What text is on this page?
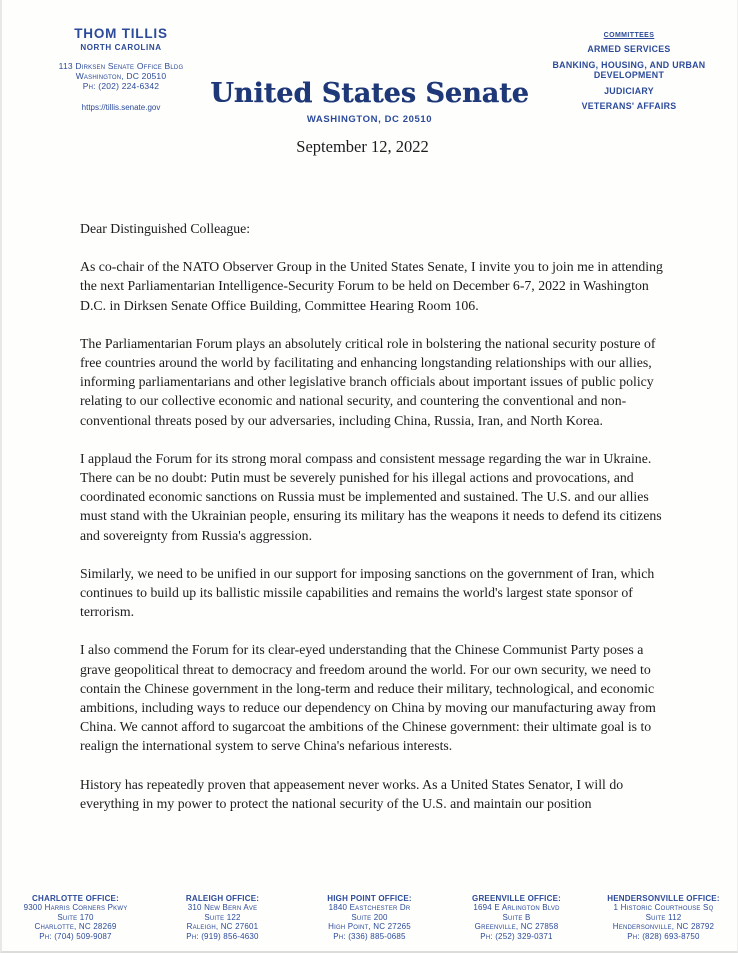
THOM TILLIS
NORTH CAROLINA
113 Dirksen Senate Office Bldg
Washington, DC 20510
Ph: (202) 224-6342
https://tillis.senate.gov	United States Senate
WASHINGTON, DC 20510
COMMITTEES
ARMED SERVICES
BANKING, HOUSING, AND URBAN DEVELOPMENT
JUDICIARY
VETERANS' AFFAIRS
September 12, 2022

Dear Distinguished Colleague:

As co-chair of the NATO Observer Group in the United States Senate, I invite you to join me in attending the next Parliamentarian Intelligence-Security Forum to be held on December 6-7, 2022 in Washington D.C. in Dirksen Senate Office Building, Committee Hearing Room 106.

The Parliamentarian Forum plays an absolutely critical role in bolstering the national security posture of free countries around the world by facilitating and enhancing longstanding relationships with our allies, informing parliamentarians and other legislative branch officials about important issues of public policy relating to our collective economic and national security, and countering the conventional and non-conventional threats posed by our adversaries, including China, Russia, Iran, and North Korea.

I applaud the Forum for its strong moral compass and consistent message regarding the war in Ukraine. There can be no doubt: Putin must be severely punished for his illegal actions and provocations, and coordinated economic sanctions on Russia must be implemented and sustained. The U.S. and our allies must stand with the Ukrainian people, ensuring its military has the weapons it needs to defend its citizens and sovereignty from Russia's aggression.

Similarly, we need to be unified in our support for imposing sanctions on the government of Iran, which continues to build up its ballistic missile capabilities and remains the world's largest state sponsor of terrorism.

I also commend the Forum for its clear-eyed understanding that the Chinese Communist Party poses a grave geopolitical threat to democracy and freedom around the world. For our own security, we need to contain the Chinese government in the long-term and reduce their military, technological, and economic ambitions, including ways to reduce our dependency on China by moving our manufacturing away from China. We cannot afford to sugarcoat the ambitions of the Chinese government: their ultimate goal is to realign the international system to serve China's nefarious interests.

History has repeatedly proven that appeasement never works. As a United States Senator, I will do everything in my power to protect the national security of the U.S. and maintain our position

CHARLOTTE OFFICE:
9300 Harris Corners Pkwy
Suite 170
Charlotte, NC 28269
Ph: (704) 509-9087
RALEIGH OFFICE:
310 New Bern Ave
Suite 122
Raleigh, NC 27601
Ph: (919) 856-4630
HIGH POINT OFFICE:
1840 Eastchester Dr
Suite 200
High Point, NC 27265
Ph: (336) 885-0685
GREENVILLE OFFICE:
1694 E Arlington Blvd
Suite B
Greenville, NC 27858
Ph: (252) 329-0371
HENDERSONVILLE OFFICE:
1 Historic Courthouse Sq
Suite 112
Hendersonville, NC 28792
Ph: (828) 693-8750
